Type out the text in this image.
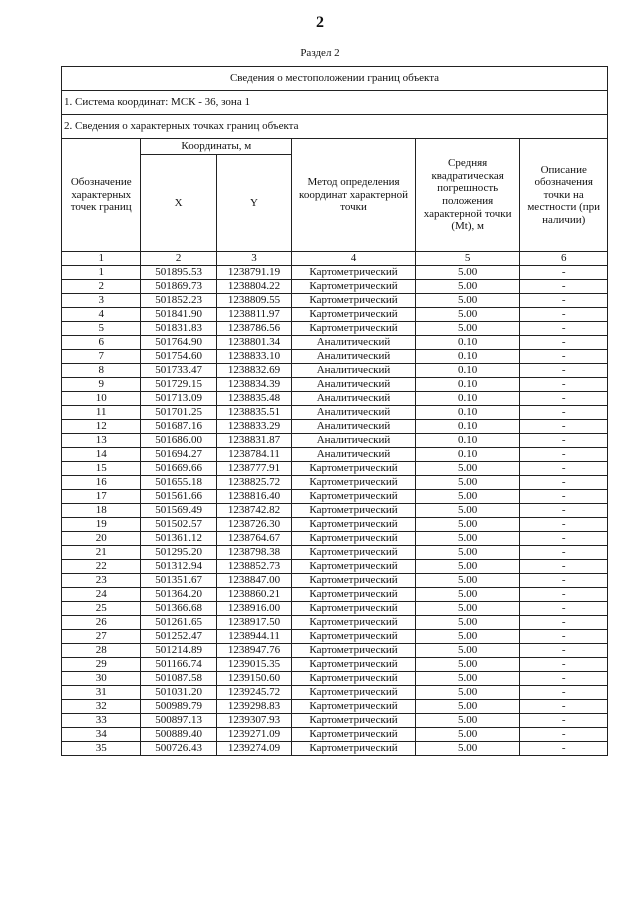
2
Раздел 2
Сведения о местоположении границ объекта					
1. Система координат: МСК - 36, зона 1					
2. Сведения о характерных точках границ объекта					
Обозначение характерных точек границ	Координаты, м		Метод определения координат характерной точки	Средняя квадратическая погрешность положения характерной точки (Mt), м	Описание обозначения точки на местности (при наличии)
	X	Y			
1	2	3	4	5	6
1	501895.53	1238791.19	Картометрический	5.00	-
2	501869.73	1238804.22	Картометрический	5.00	-
3	501852.23	1238809.55	Картометрический	5.00	-
4	501841.90	1238811.97	Картометрический	5.00	-
5	501831.83	1238786.56	Картометрический	5.00	-
6	501764.90	1238801.34	Аналитический	0.10	-
7	501754.60	1238833.10	Аналитический	0.10	-
8	501733.47	1238832.69	Аналитический	0.10	-
9	501729.15	1238834.39	Аналитический	0.10	-
10	501713.09	1238835.48	Аналитический	0.10	-
11	501701.25	1238835.51	Аналитический	0.10	-
12	501687.16	1238833.29	Аналитический	0.10	-
13	501686.00	1238831.87	Аналитический	0.10	-
14	501694.27	1238784.11	Аналитический	0.10	-
15	501669.66	1238777.91	Картометрический	5.00	-
16	501655.18	1238825.72	Картометрический	5.00	-
17	501561.66	1238816.40	Картометрический	5.00	-
18	501569.49	1238742.82	Картометрический	5.00	-
19	501502.57	1238726.30	Картометрический	5.00	-
20	501361.12	1238764.67	Картометрический	5.00	-
21	501295.20	1238798.38	Картометрический	5.00	-
22	501312.94	1238852.73	Картометрический	5.00	-
23	501351.67	1238847.00	Картометрический	5.00	-
24	501364.20	1238860.21	Картометрический	5.00	-
25	501366.68	1238916.00	Картометрический	5.00	-
26	501261.65	1238917.50	Картометрический	5.00	-
27	501252.47	1238944.11	Картометрический	5.00	-
28	501214.89	1238947.76	Картометрический	5.00	-
29	501166.74	1239015.35	Картометрический	5.00	-
30	501087.58	1239150.60	Картометрический	5.00	-
31	501031.20	1239245.72	Картометрический	5.00	-
32	500989.79	1239298.83	Картометрический	5.00	-
33	500897.13	1239307.93	Картометрический	5.00	-
34	500889.40	1239271.09	Картометрический	5.00	-
35	500726.43	1239274.09	Картометрический	5.00	-
